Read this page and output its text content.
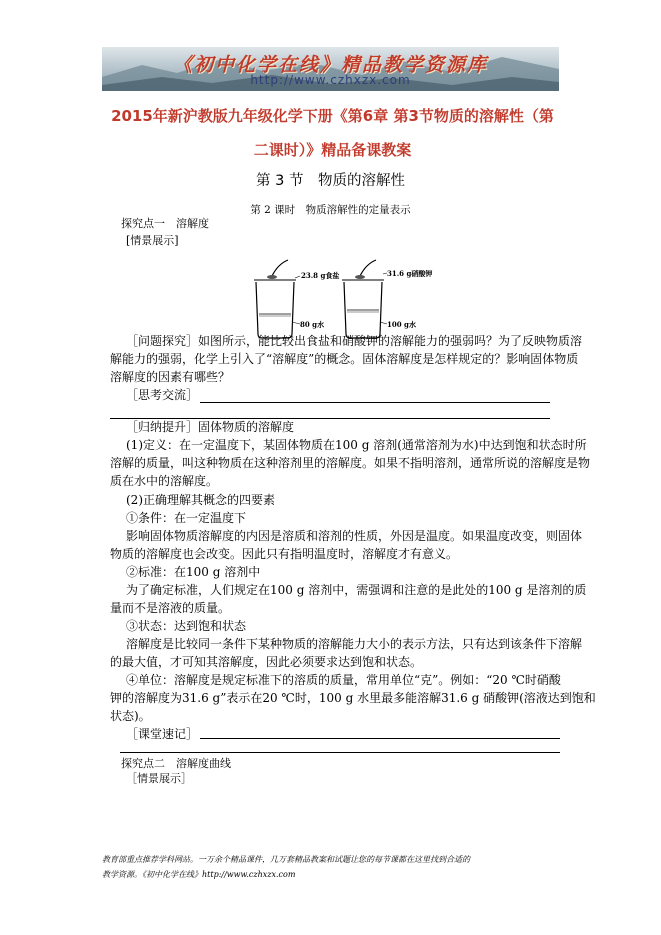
《初中化学在线》精品教学资源库
http://www.czhxzx.com
2015年新沪教版九年级化学下册《第6章 第3节物质的溶解性（第
二课时）》精品备课教案
第 3 节　物质的溶解性
第 2 课时　物质溶解性的定量表示
探究点一　溶解度
[情景展示]
23.8 g食盐
80 g水
31.6 g硝酸钾
100 g水
［问题探究］如图所示，能比较出食盐和硝酸钾的溶解能力的强弱吗？为了反映物质溶
解能力的强弱，化学上引入了“溶解度”的概念。固体溶解度是怎样规定的？影响固体物质
溶解度的因素有哪些？
［思考交流］
［归纳提升］固体物质的溶解度
(1)定义：在一定温度下，某固体物质在100 g 溶剂(通常溶剂为水)中达到饱和状态时所
溶解的质量，叫这种物质在这种溶剂里的溶解度。如果不指明溶剂，通常所说的溶解度是物
质在水中的溶解度。
(2)正确理解其概念的四要素
①条件：在一定温度下
影响固体物质溶解度的内因是溶质和溶剂的性质，外因是温度。如果温度改变，则固体
物质的溶解度也会改变。因此只有指明温度时，溶解度才有意义。
②标准：在100 g 溶剂中
为了确定标准，人们规定在100 g 溶剂中，需强调和注意的是此处的100 g 是溶剂的质
量而不是溶液的质量。
③状态：达到饱和状态
溶解度是比较同一条件下某种物质的溶解能力大小的表示方法，只有达到该条件下溶解
的最大值，才可知其溶解度，因此必须要求达到饱和状态。
④单位：溶解度是规定标准下的溶质的质量，常用单位“克”。例如：“20 ℃时硝酸
钾的溶解度为31.6 g”表示在20 ℃时，100 g 水里最多能溶解31.6 g 硝酸钾(溶液达到饱和
状态)。
［课堂速记］
探究点二　溶解度曲线
［情景展示］
教育部重点推荐学科网站。一万余个精品课件，几万套精品教案和试题让您的每节课都在这里找到合适的
教学资源。《初中化学在线》http://www.czhxzx.com
